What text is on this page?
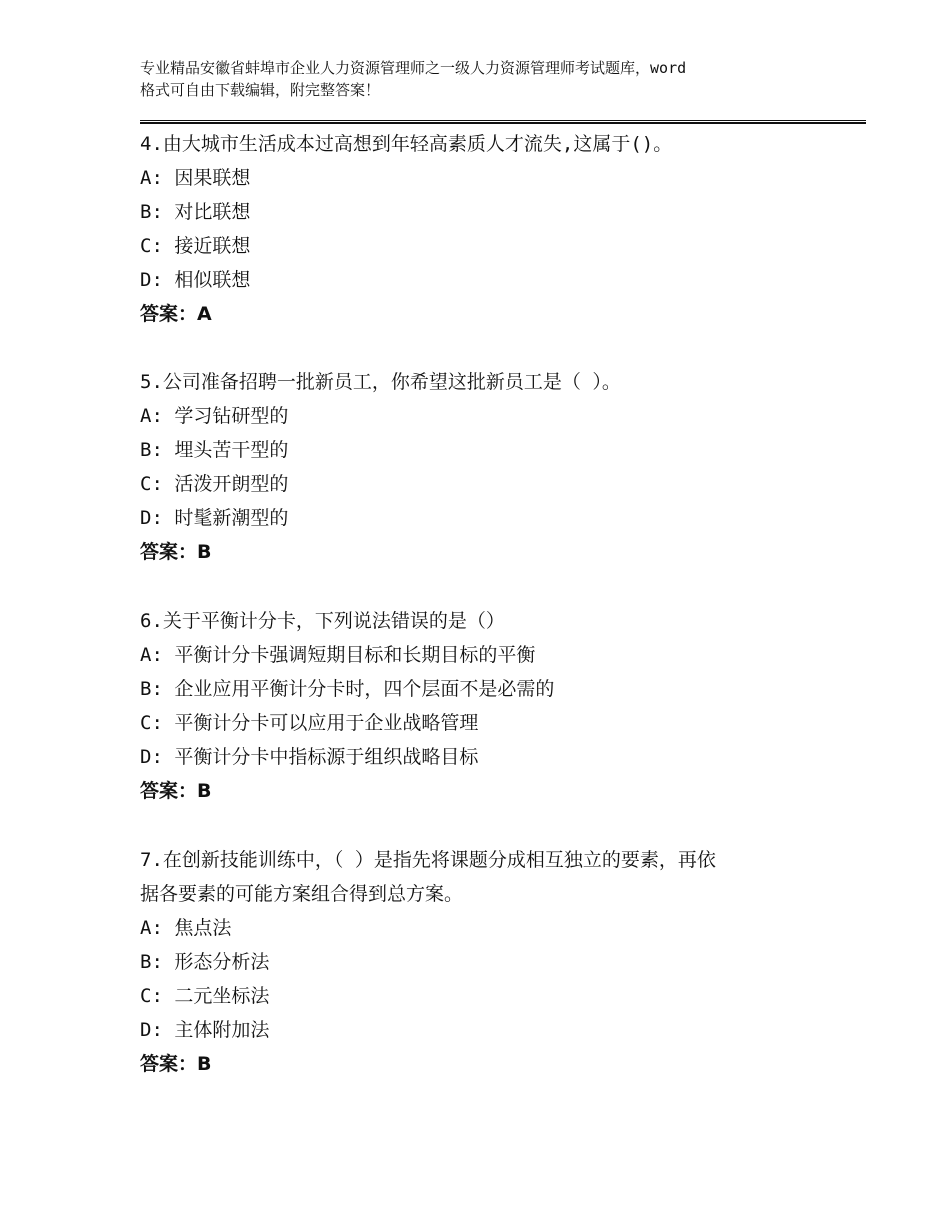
专业精品安徽省蚌埠市企业人力资源管理师之一级人力资源管理师考试题库，word
格式可自由下载编辑，附完整答案！
4.由大城市生活成本过高想到年轻高素质人才流失,这属于()。
A: 因果联想
B: 对比联想
C: 接近联想
D: 相似联想
答案：A
5.公司准备招聘一批新员工，你希望这批新员工是（ ）。
A: 学习钻研型的
B: 埋头苦干型的
C: 活泼开朗型的
D: 时髦新潮型的
答案：B
6.关于平衡计分卡，下列说法错误的是（）
A: 平衡计分卡强调短期目标和长期目标的平衡
B: 企业应用平衡计分卡时，四个层面不是必需的
C: 平衡计分卡可以应用于企业战略管理
D: 平衡计分卡中指标源于组织战略目标
答案：B
7.在创新技能训练中，（ ）是指先将课题分成相互独立的要素，再依
据各要素的可能方案组合得到总方案。
A: 焦点法
B: 形态分析法
C: 二元坐标法
D: 主体附加法
答案：B
